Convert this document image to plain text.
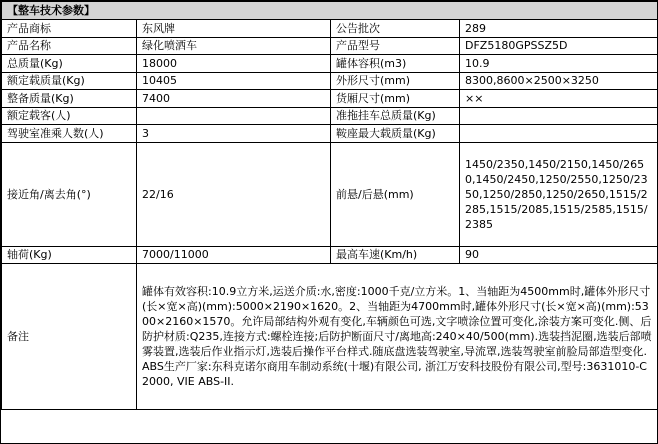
【整车技术参数】			
产品商标	东风牌	公告批次	289
产品名称	绿化喷洒车	产品型号	DFZ5180GPSSZ5D
总质量(Kg)	18000	罐体容积(m3)	10.9
额定载质量(Kg)	10405	外形尺寸(mm)	8300,8600×2500×3250
整备质量(Kg)	7400	货厢尺寸(mm)	××
额定载客(人)		准拖挂车总质量(Kg)	
驾驶室准乘人数(人)	3	鞍座最大载质量(Kg)	
接近角/离去角(°)	22/16	前悬/后悬(mm)	1450/2350,1450/2150,1450/2650,1450/2450,1250/2550,1250/2350,1250/2850,1250/2650,1515/2285,1515/2085,1515/2585,1515/2385
轴荷(Kg)	7000/11000	最高车速(Km/h)	90
备注	罐体有效容积:10.9立方米,运送介质:水,密度:1000千克/立方米。1、当轴距为4500mm时,罐体外形尺寸(长×宽×高)(mm):5000×2190×1620。2、当轴距为4700mm时,罐体外形尺寸(长×宽×高)(mm):5300×2160×1570。允许局部结构外观有变化,车辆颜色可选,文字喷涂位置可变化,涂装方案可变化.侧、后防护材质:Q235,连接方式:螺栓连接;后防护断面尺寸/离地高:240×40/500(mm).选装挡泥圈,选装后部喷雾装置,选装后作业指示灯,选装后操作平台样式.随底盘选装驾驶室,导流罩,选装驾驶室前脸局部造型变化. ABS生产厂家:东科克诺尔商用车制动系统(十堰)有限公司, 浙江万安科技股份有限公司,型号:3631010-C2000, VIE ABS-II.		
